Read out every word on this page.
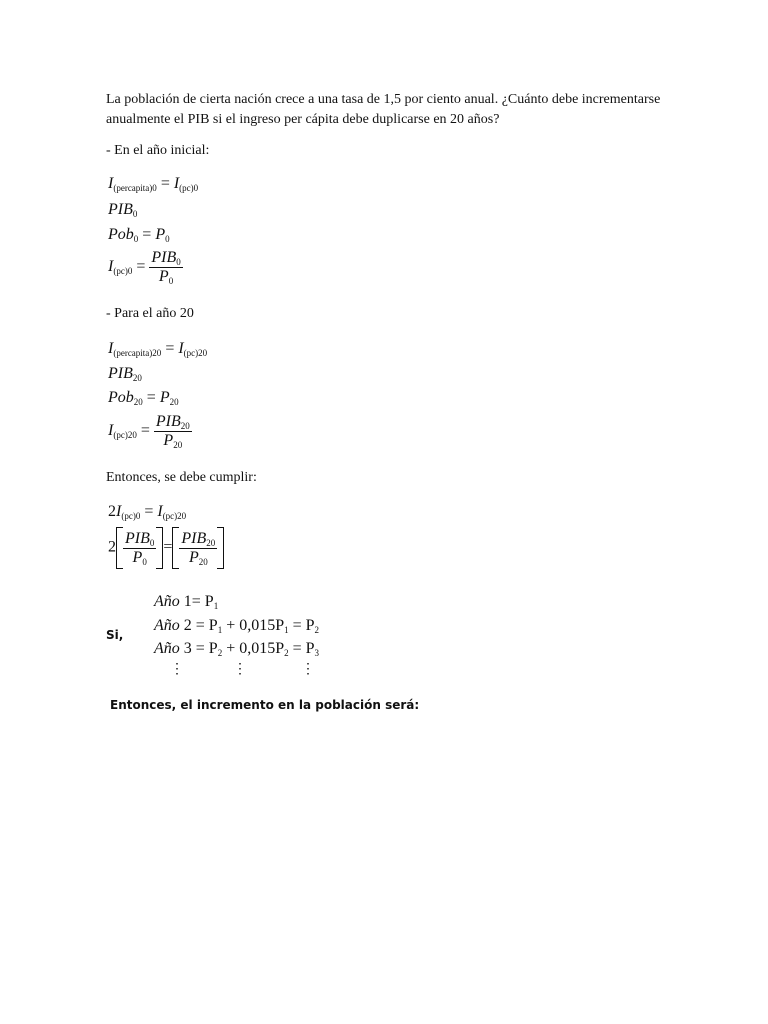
La población de cierta nación crece a una tasa de 1,5 por ciento anual. ¿Cuánto debe incrementarse
anualmente el PIB si el ingreso per cápita debe duplicarse en 20 años?
- En el año inicial:
$I_{(percapita)0} = I_{(pc)0}$
$PIB_0$
$Pob_0 = P_0$
$I_{(pc)0} = \frac{PIB_0}{P_0}$
- Para el año 20
$I_{(percapita)20} = I_{(pc)20}$
$PIB_{20}$
$Pob_{20} = P_{20}$
$I_{(pc)20} = \frac{PIB_{20}}{P_{20}}$
Entonces, se debe cumplir:
$2I_{(pc)0} = I_{(pc)20}$
$2 \frac{PIB_0}{P_0} = \frac{PIB_{20}}{P_{20}}$
Si,
Año $1= P_1$
Año $2 = P_1 + 0,015P_1 = P_2$
Año $3 = P_2 + 0,015P_2 = P_3$
⋮	⋮	⋮
Entonces, el incremento en la población será:
